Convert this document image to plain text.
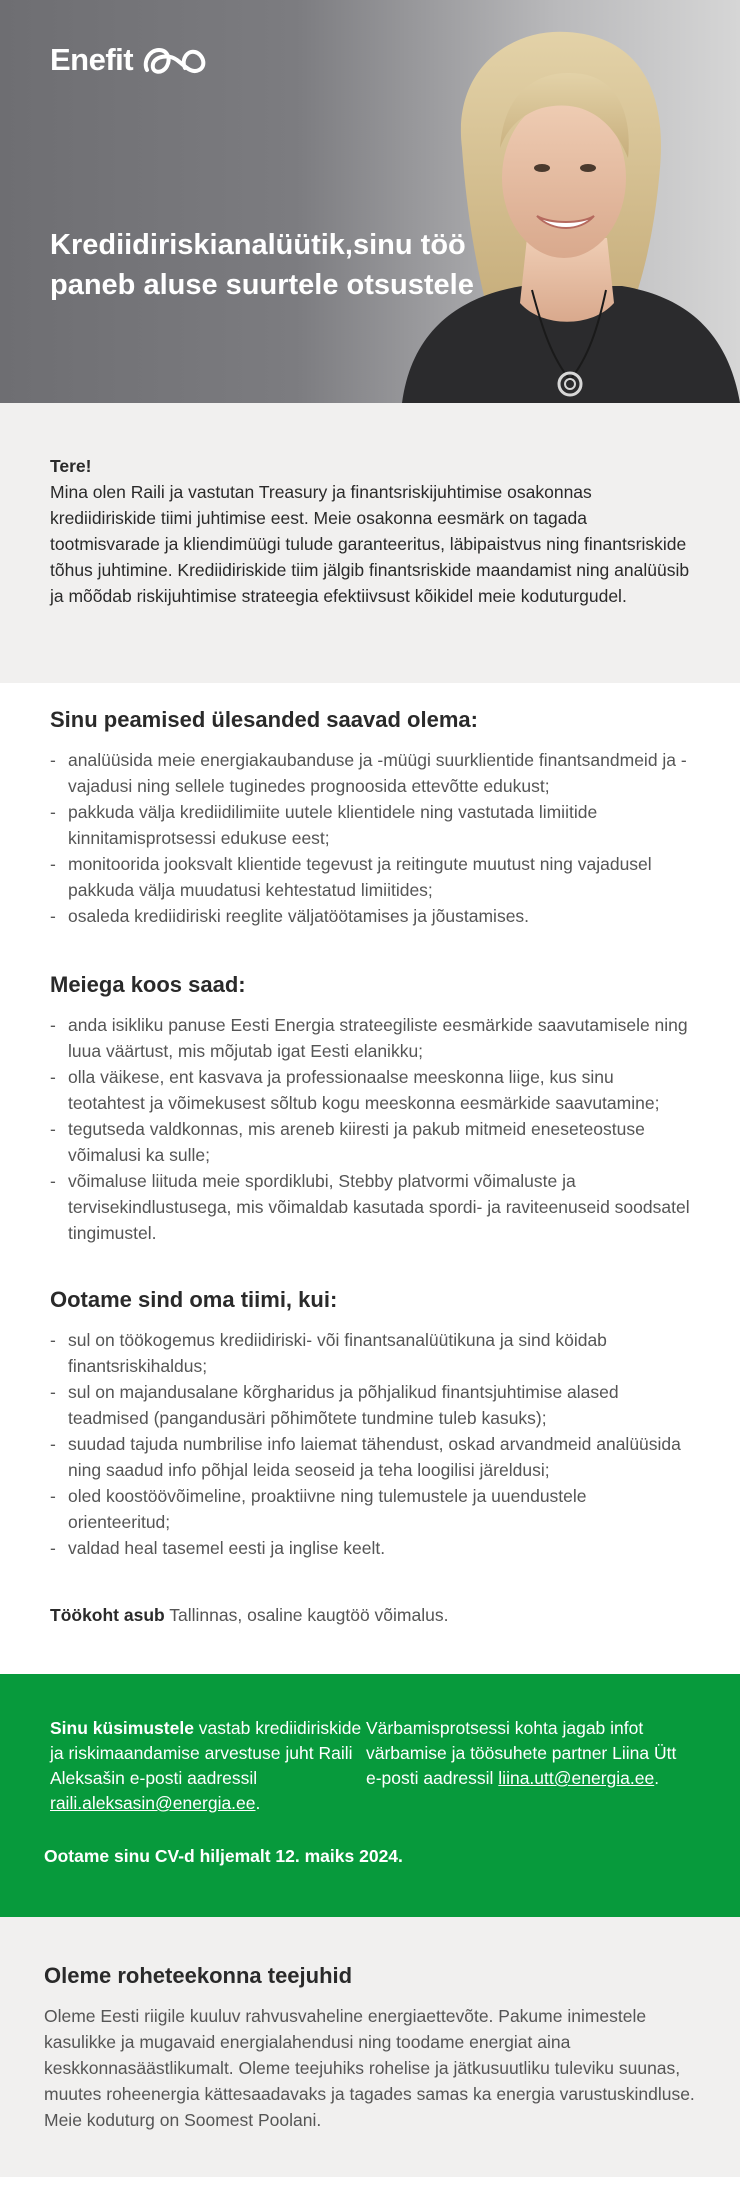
Enefit
Krediidiriskianalüütik,sinu töö paneb aluse suurtele otsustele

Tere!

Mina olen Raili ja vastutan Treasury ja finantsriskijuhtimise osakonnas krediidiriskide tiimi juhtimise eest. Meie osakonna eesmärk on tagada tootmisvarade ja kliendimüügi tulude garanteeritus, läbipaistvus ning finantsriskide tõhus juhtimine. Krediidiriskide tiim jälgib finantsriskide maandamist ning analüüsib ja mõõdab riskijuhtimise strateegia efektiivsust kõikidel meie koduturgudel.

Sinu peamised ülesanded saavad olema:
- analüüsida meie energiakaubanduse ja -müügi suurklientide finantsandmeid ja -vajadusi ning sellele tuginedes prognoosida ettevõtte edukust;
- pakkuda välja krediidilimiite uutele klientidele ning vastutada limiitide kinnitamisprotsessi edukuse eest;
- monitoorida jooksvalt klientide tegevust ja reitingute muutust ning vajadusel pakkuda välja muudatusi kehtestatud limiitides;
- osaleda krediidiriski reeglite väljatöötamises ja jõustamises.
Meiega koos saad:
- anda isikliku panuse Eesti Energia strateegiliste eesmärkide saavutamisele ning luua väärtust, mis mõjutab igat Eesti elanikku;
- olla väikese, ent kasvava ja professionaalse meeskonna liige, kus sinu teotahtest ja võimekusest sõltub kogu meeskonna eesmärkide saavutamine;
- tegutseda valdkonnas, mis areneb kiiresti ja pakub mitmeid eneseteostuse võimalusi ka sulle;
- võimaluse liituda meie spordiklubi, Stebby platvormi võimaluste ja tervisekindlustusega, mis võimaldab kasutada spordi- ja raviteenuseid soodsatel tingimustel.
Ootame sind oma tiimi, kui:
- sul on töökogemus krediidiriski- või finantsanalüütikuna ja sind köidab finantsriskihaldus;
- sul on majandusalane kõrgharidus ja põhjalikud finantsjuhtimise alased teadmised (pangandusäri põhimõtete tundmine tuleb kasuks);
- suudad tajuda numbrilise info laiemat tähendust, oskad arvandmeid analüüsida ning saadud info põhjal leida seoseid ja teha loogilisi järeldusi;
- oled koostöövõimeline, proaktiivne ning tulemustele ja uuendustele orienteeritud;
- valdad heal tasemel eesti ja inglise keelt.

Töökoht asub Tallinnas, osaline kaugtöö võimalus.

Sinu küsimustele vastab krediidiriskide ja riskimaandamise arvestuse juht Raili Aleksašin e-posti aadressil raili.aleksasin@energia.ee.

Värbamisprotsessi kohta jagab infot värbamise ja töösuhete partner Liina Ütt e-posti aadressil liina.utt@energia.ee.

Ootame sinu CV-d hiljemalt 12. maiks 2024.

Oleme roheteekonna teejuhid

Oleme Eesti riigile kuuluv rahvusvaheline energiaettevõte. Pakume inimestele kasulikke ja mugavaid energialahendusi ning toodame energiat aina keskkonnasäästlikumalt. Oleme teejuhiks rohelise ja jätkusuutliku tuleviku suunas, muutes roheenergia kättesaadavaks ja tagades samas ka energia varustuskindluse. Meie koduturg on Soomest Poolani.
